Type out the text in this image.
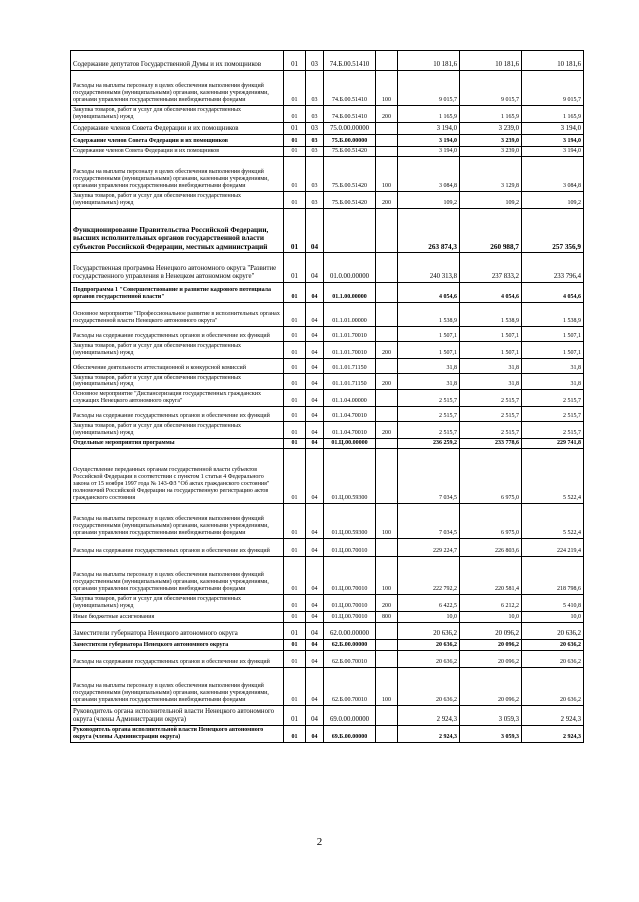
Содержание депутатов Государственной Думы и их помощников	01	03	74.Б.00.51410		10 181,6	10 181,6	10 181,6
Расходы на выплаты персоналу в целях обеспечения выполнения функций государственными (муниципальными) органами, казенными учреждениями, органами управления государственными внебюджетными фондами	01	03	74.Б.00.51410	100	9 015,7	9 015,7	9 015,7
Закупка товаров, работ и услуг для обеспечения государственных (муниципальных) нужд	01	03	74.Б.00.51410	200	1 165,9	1 165,9	1 165,9
Содержание членов Совета Федерации и их помощников	01	03	75.0.00.00000		3 194,0	3 239,0	3 194,0
Содержание членов Совета Федерации и их помощников	01	03	75.Б.00.00000		3 194,0	3 239,0	3 194,0
Содержание членов Совета Федерации и их помощников	01	03	75.Б.00.51420		3 194,0	3 239,0	3 194,0
Расходы на выплаты персоналу в целях обеспечения выполнения функций государственными (муниципальными) органами, казенными учреждениями, органами управления государственными внебюджетными фондами	01	03	75.Б.00.51420	100	3 084,8	3 129,8	3 084,8
Закупка товаров, работ и услуг для обеспечения государственных (муниципальных) нужд	01	03	75.Б.00.51420	200	109,2	109,2	109,2
Функционирование Правительства Российской Федерации, высших исполнительных органов государственной власти субъектов Российской Федерации, местных администраций	01	04			263 874,3	260 988,7	257 356,9
Государственная программа Ненецкого автономного округа "Развитие государственного управления в Ненецком автономном округе"	01	04	01.0.00.00000		240 313,8	237 833,2	233 796,4
Подпрограмма 1 "Совершенствование и развитие кадрового потенциала органов государственной власти"	01	04	01.1.00.00000		4 054,6	4 054,6	4 054,6
Основное мероприятие "Профессиональное развитие в исполнительных органах государственной власти Ненецкого автономного округа"	01	04	01.1.01.00000		1 538,9	1 538,9	1 538,9
Расходы на содержание государственных органов и обеспечение их функций	01	04	01.1.01.70010		1 507,1	1 507,1	1 507,1
Закупка товаров, работ и услуг для обеспечения государственных (муниципальных) нужд	01	04	01.1.01.70010	200	1 507,1	1 507,1	1 507,1
Обеспечение деятельности аттестационной и конкурсной комиссий	01	04	01.1.01.71150		31,8	31,8	31,8
Закупка товаров, работ и услуг для обеспечения государственных (муниципальных) нужд	01	04	01.1.01.71150	200	31,8	31,8	31,8
Основное мероприятие "Диспансеризация государственных гражданских служащих Ненецкого автономного округа"	01	04	01.1.04.00000		2 515,7	2 515,7	2 515,7
Расходы на содержание государственных органов и обеспечение их функций	01	04	01.1.04.70010		2 515,7	2 515,7	2 515,7
Закупка товаров, работ и услуг для обеспечения государственных (муниципальных) нужд	01	04	01.1.04.70010	200	2 515,7	2 515,7	2 515,7
Отдельные мероприятия программы	01	04	01.Ц.00.00000		236 259,2	233 778,6	229 741,8
Осуществление переданных органам государственной власти субъектов Российской Федерации в соответствии с пунктом 1 статьи 4 Федерального закона от 15 ноября 1997 года № 143-ФЗ "Об актах гражданского состояния" полномочий Российской Федерации на государственную регистрацию актов гражданского состояния	01	04	01.Ц.00.59300		7 034,5	6 975,0	5 522,4
Расходы на выплаты персоналу в целях обеспечения выполнения функций государственными (муниципальными) органами, казенными учреждениями, органами управления государственными внебюджетными фондами	01	04	01.Ц.00.59300	100	7 034,5	6 975,0	5 522,4
Расходы на содержание государственных органов и обеспечение их функций	01	04	01.Ц.00.70010		229 224,7	226 803,6	224 219,4
Расходы на выплаты персоналу в целях обеспечения выполнения функций государственными (муниципальными) органами, казенными учреждениями, органами управления государственными внебюджетными фондами	01	04	01.Ц.00.70010	100	222 792,2	220 581,4	218 798,6
Закупка товаров, работ и услуг для обеспечения государственных (муниципальных) нужд	01	04	01.Ц.00.70010	200	6 422,5	6 212,2	5 410,8
Иные бюджетные ассигнования	01	04	01.Ц.00.70010	800	10,0	10,0	10,0
Заместители губернатора Ненецкого автономного округа	01	04	62.0.00.00000		20 636,2	20 096,2	20 636,2
Заместители губернатора Ненецкого автономного округа	01	04	62.Б.00.00000		20 636,2	20 096,2	20 636,2
Расходы на содержание государственных органов и обеспечение их функций	01	04	62.Б.00.70010		20 636,2	20 096,2	20 636,2
Расходы на выплаты персоналу в целях обеспечения выполнения функций государственными (муниципальными) органами, казенными учреждениями, органами управления государственными внебюджетными фондами	01	04	62.Б.00.70010	100	20 636,2	20 096,2	20 636,2
Руководитель органа исполнительной власти Ненецкого автономного округа (члены Администрации округа)	01	04	69.0.00.00000		2 924,3	3 059,3	2 924,3
Руководитель органа исполнительной власти Ненецкого автономного округа (члены Администрации округа)	01	04	69.Б.00.00000		2 924,3	3 059,3	2 924,3
2
